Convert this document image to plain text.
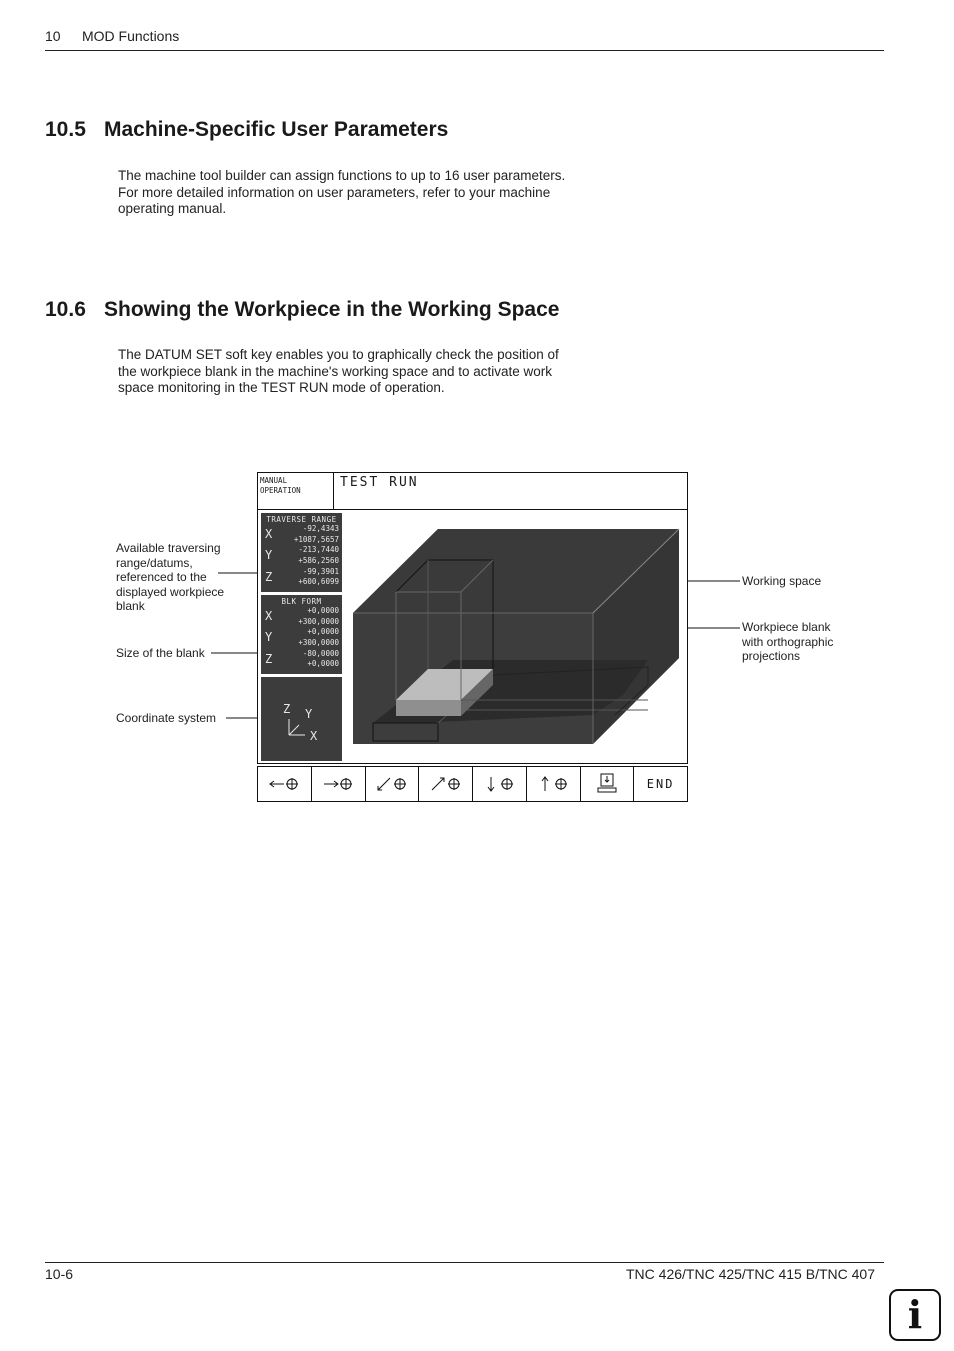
10 MOD Functions
10.5 Machine-Specific User Parameters
The machine tool builder can assign functions to up to 16 user parameters.
For more detailed information on user parameters, refer to your machine
operating manual.
10.6 Showing the Workpiece in the Working Space
The DATUM SET soft key enables you to graphically check the position of
the workpiece blank in the machine's working space and to activate work
space monitoring in the TEST RUN mode of operation.
Available traversing
range/datums,
referenced to the
displayed workpiece
blank
Size of the blank
Coordinate system
Working space
Workpiece blank
with orthographic
projections
MANUAL
OPERATION
TEST RUN
TRAVERSE RANGE
X	-92,4343
+1087,5657
Y	-213,7440
+586,2560
Z	-99,3901
+600,6099
BLK FORM
X	+0,0000
+300,0000
Y	+0,0000
+300,0000
Z	-80,0000
+0,0000
Z Y
X
END
10-6	TNC 426/TNC 425/TNC 415 B/TNC 407
i
